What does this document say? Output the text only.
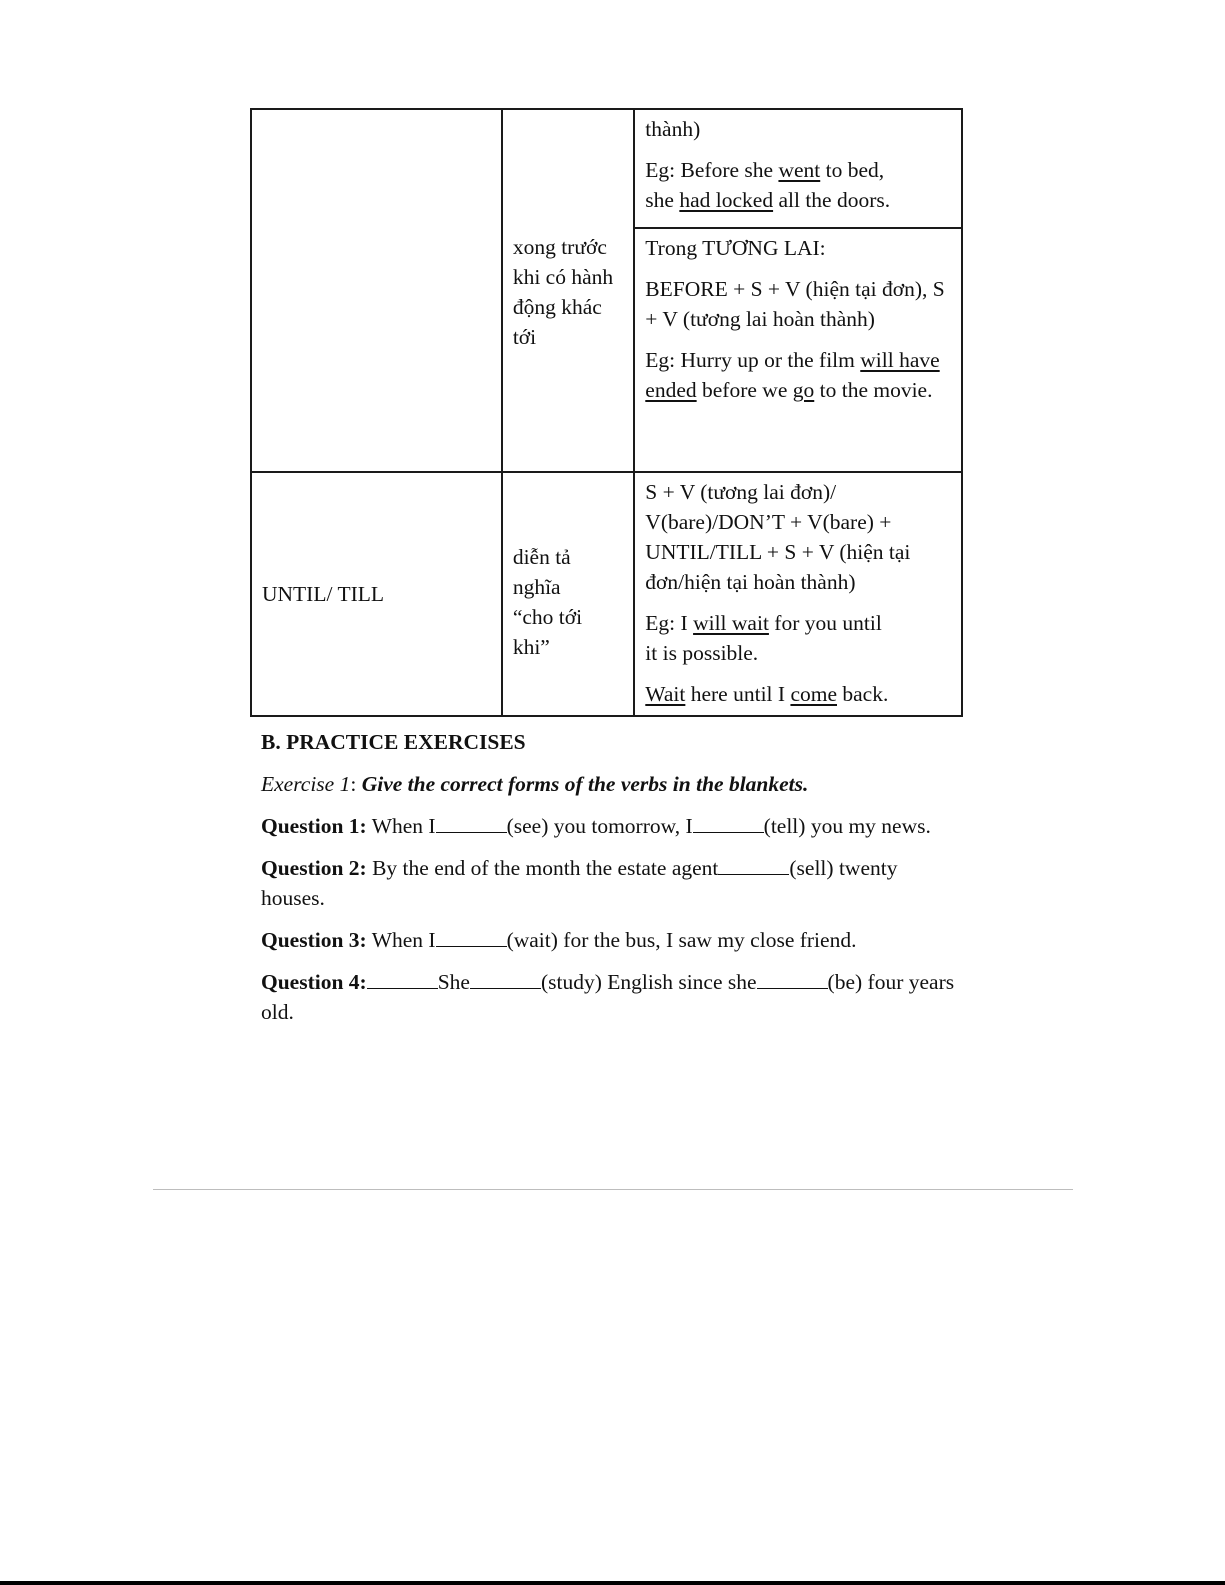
	xong trước khi có hành động khác tới	thành)

Eg: Before she went to bed,
she had locked all the doors.

		Trong TƯƠNG LAI:

BEFORE + S + V (hiện tại đơn), S + V (tương lai hoàn thành)

Eg: Hurry up or the film will have ended before we go to the movie.

UNTIL/ TILL	diễn tả nghĩa “cho tới khi”	S + V (tương lai đơn)/ V(bare)/DON’T + V(bare) + UNTIL/TILL + S + V (hiện tại đơn/hiện tại hoàn thành)

Eg: I will wait for you until
it is possible.

Wait here until I come back.

B. PRACTICE EXERCISES

Exercise 1: Give the correct forms of the verbs in the blankets.

Question 1: When I	(see) you tomorrow, I	(tell) you my news.

Question 2: By the end of the month the estate agent	(sell) twenty houses.

Question 3: When I	(wait) for the bus, I saw my close friend.

Question 4:	She	(study) English since she	(be) four years old.
